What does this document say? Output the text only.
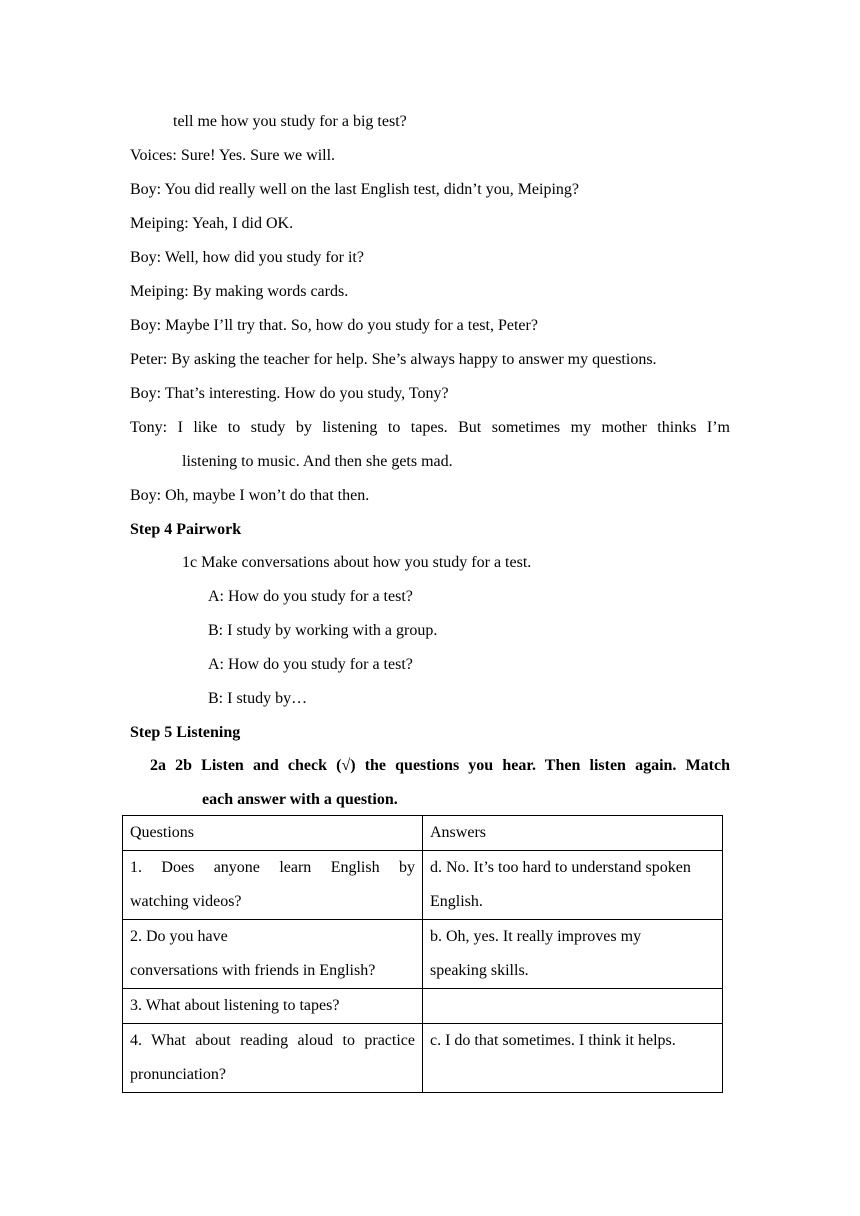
tell me how you study for a big test?
Voices: Sure! Yes. Sure we will.
Boy: You did really well on the last English test, didn’t you, Meiping?
Meiping: Yeah, I did OK.
Boy: Well, how did you study for it?
Meiping: By making words cards.
Boy: Maybe I’ll try that. So, how do you study for a test, Peter?
Peter: By asking the teacher for help. She’s always happy to answer my questions.
Boy: That’s interesting. How do you study, Tony?
Tony: I like to study by listening to tapes. But sometimes my mother thinks I’m
listening to music. And then she gets mad.
Boy: Oh, maybe I won’t do that then.
Step 4 Pairwork
1c Make conversations about how you study for a test.
A: How do you study for a test?
B: I study by working with a group.
A: How do you study for a test?
B: I study by…
Step 5 Listening
2a 2b Listen and check (√) the questions you hear. Then listen again. Match
each answer with a question.
Questions	Answers

1. Does anyone learn English by
watching videos?	d. No. It’s too hard to understand spoken
English.

2. Do you have
conversations with friends in English?	b. Oh, yes. It really improves my
speaking skills.
3. What about listening to tapes?	

4. What about reading aloud to practice
pronunciation?	c. I do that sometimes. I think it helps.
